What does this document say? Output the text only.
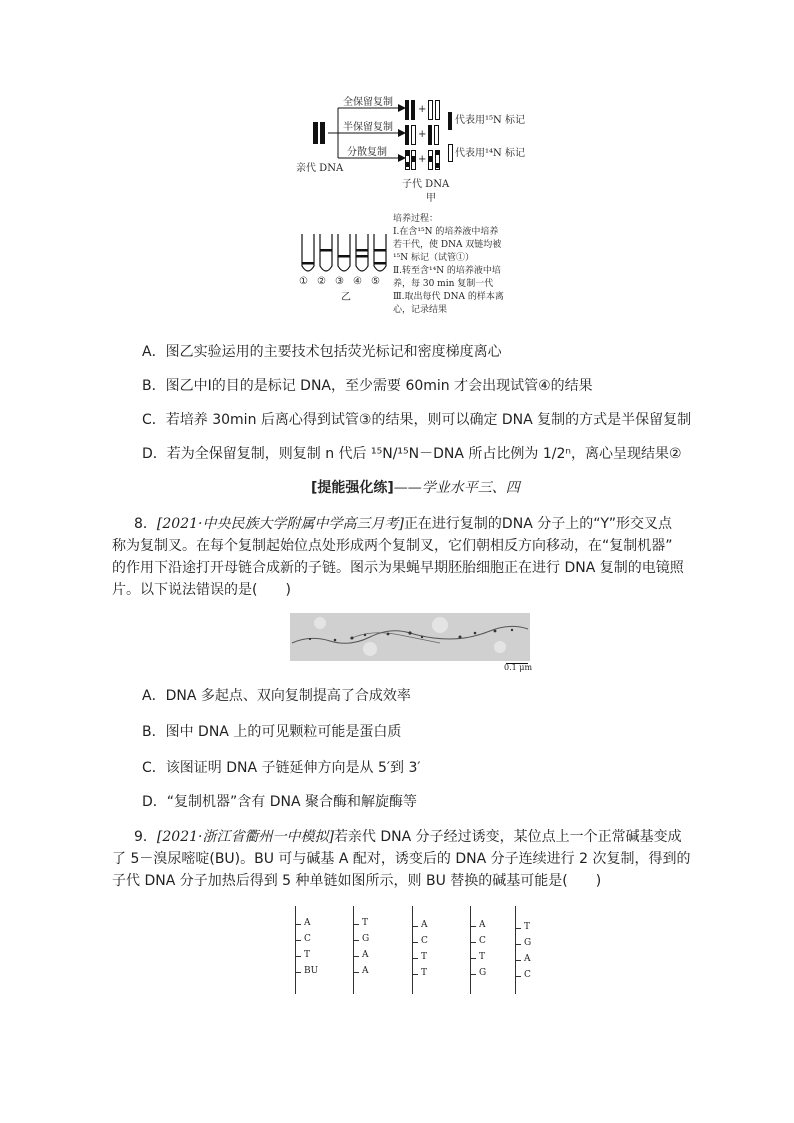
全保留复制
半保留复制
分散复制
亲代 DNA
+
+
+
代表用¹⁵N 标记
代表用¹⁴N 标记
子代 DNA
甲
① ② ③ ④ ⑤
乙
培养过程：
Ⅰ.在含¹⁵N 的培养液中培养
若干代，使 DNA 双链均被
¹⁵N 标记（试管①）
Ⅱ.转至含¹⁴N 的培养液中培
养，每 30 min 复制一代
Ⅲ.取出每代 DNA 的样本离
心，记录结果
A．图乙实验运用的主要技术包括荧光标记和密度梯度离心
B．图乙中Ⅰ的目的是标记 DNA，至少需要 60min 才会出现试管④的结果
C．若培养 30min 后离心得到试管③的结果，则可以确定 DNA 复制的方式是半保留复制
D．若为全保留复制，则复制 n 代后 ¹⁵N/¹⁵N－DNA 所占比例为 1/2ⁿ，离心呈现结果②
[提能强化练]——学业水平三、四
8．[2021·中央民族大学附属中学高三月考]正在进行复制的DNA 分子上的“Y”形交叉点
称为复制叉。在每个复制起始位点处形成两个复制叉，它们朝相反方向移动，在“复制机器”
的作用下沿途打开母链合成新的子链。图示为果蝇早期胚胎细胞正在进行 DNA 复制的电镜照
片。以下说法错误的是(　　)
0.1 μm
A．DNA 多起点、双向复制提高了合成效率
B．图中 DNA 上的可见颗粒可能是蛋白质
C．该图证明 DNA 子链延伸方向是从 5′到 3′
D．“复制机器”含有 DNA 聚合酶和解旋酶等
9．[2021·浙江省衢州一中模拟]若亲代 DNA 分子经过诱变，某位点上一个正常碱基变成
了 5－溴尿嘧啶(BU)。BU 可与碱基 A 配对，诱变后的 DNA 分子连续进行 2 次复制，得到的
子代 DNA 分子加热后得到 5 种单链如图所示，则 BU 替换的碱基可能是(　　)
A
C
T
BU
T
G
A
A
A
C
T
T
A
C
T
G
T
G
A
C
